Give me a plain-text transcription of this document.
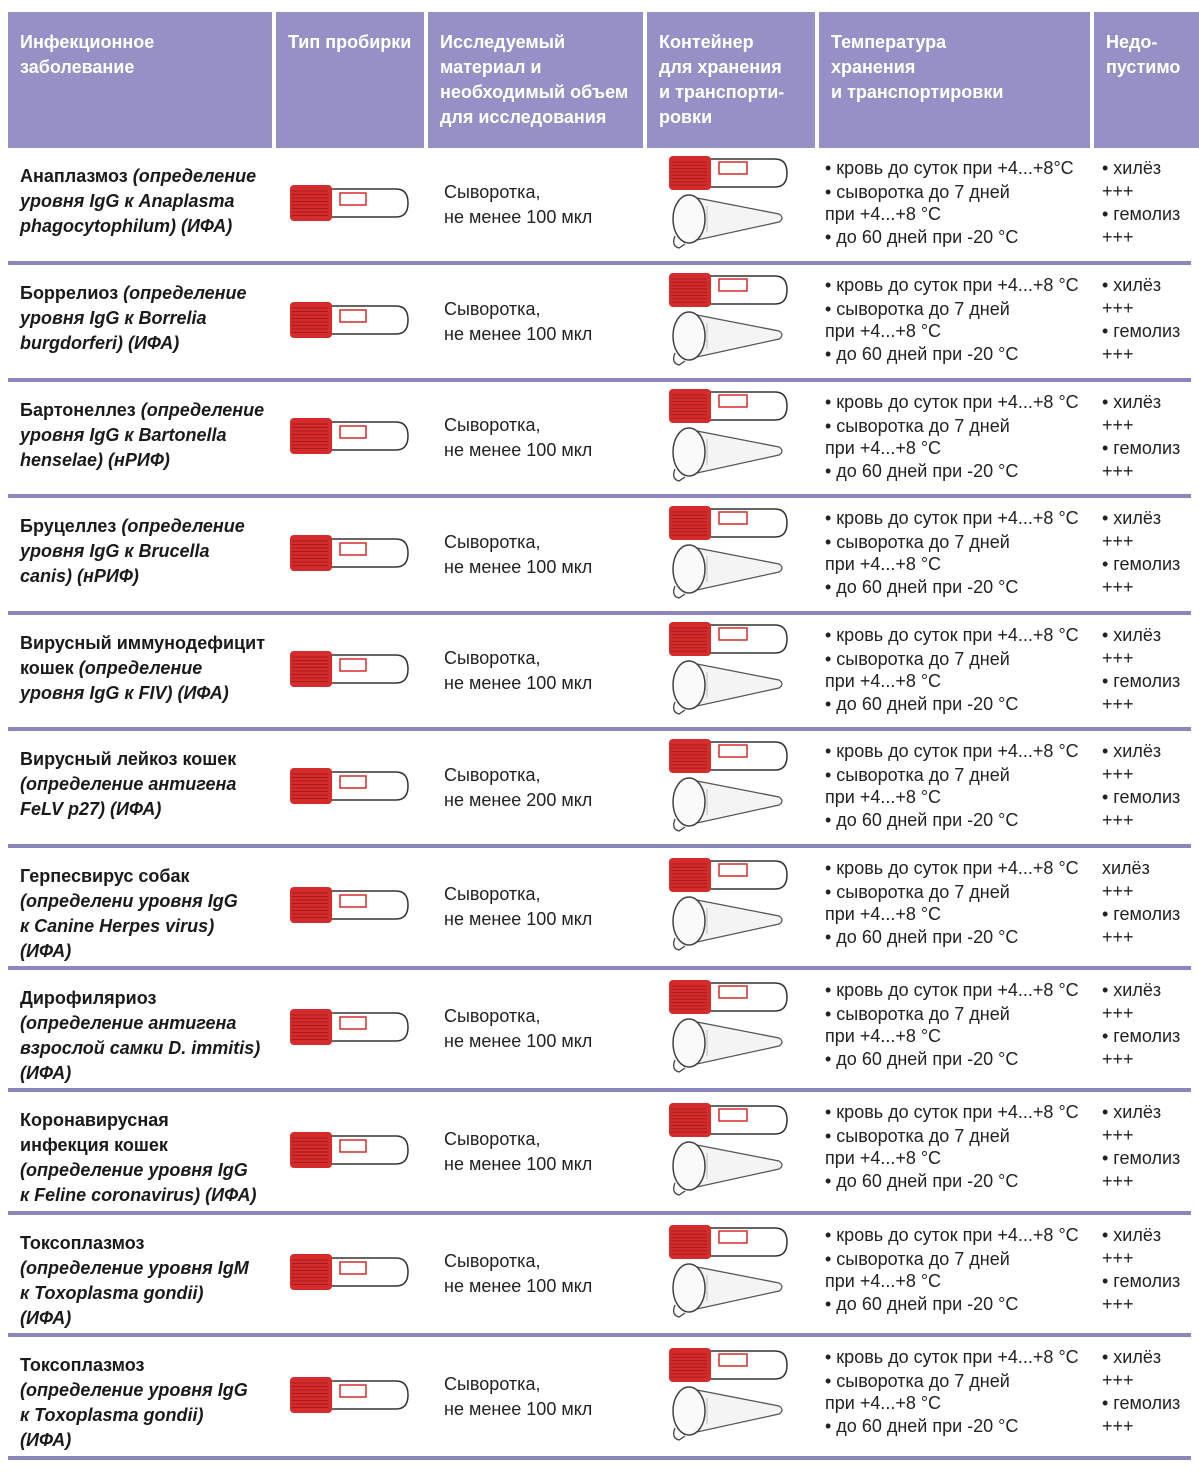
Инфекционное
заболевание
Тип пробирки	Исследуемый
материал и
необходимый объем
для исследования
Контейнер
для хранения
и транспорти-
ровки
Температура
хранения
и транспортировки
Недо-
пустимо
Анаплазмоз (определение
уровня IgG к Anaplasma
phagocytophilum) (ИФА)
Сыворотка,
не менее 100 мкл
• кровь до суток при +4...+8°C
• сыворотка до 7 дней
при +4...+8 °C
• до 60 дней при -20 °C
• хилёз
+++
• гемолиз
+++
Боррелиоз (определение
уровня IgG к Borrelia
burgdorferi) (ИФА)
Сыворотка,
не менее 100 мкл
• кровь до суток при +4...+8 °C
• сыворотка до 7 дней
при +4...+8 °C
• до 60 дней при -20 °C
• хилёз
+++
• гемолиз
+++
Бартонеллез (определение
уровня IgG к Bartonella
henselae) (нРИФ)
Сыворотка,
не менее 100 мкл
• кровь до суток при +4...+8 °C
• сыворотка до 7 дней
при +4...+8 °C
• до 60 дней при -20 °C
• хилёз
+++
• гемолиз
+++
Бруцеллез (определение
уровня IgG к Brucella
canis) (нРИФ)
Сыворотка,
не менее 100 мкл
• кровь до суток при +4...+8 °C
• сыворотка до 7 дней
при +4...+8 °C
• до 60 дней при -20 °C
• хилёз
+++
• гемолиз
+++
Вирусный иммунодефицит
кошек (определение
уровня IgG к FIV) (ИФА)
Сыворотка,
не менее 100 мкл
• кровь до суток при +4...+8 °C
• сыворотка до 7 дней
при +4...+8 °C
• до 60 дней при -20 °C
• хилёз
+++
• гемолиз
+++
Вирусный лейкоз кошек
(определение антигена
FeLV p27) (ИФА)
Сыворотка,
не менее 200 мкл
• кровь до суток при +4...+8 °C
• сыворотка до 7 дней
при +4...+8 °C
• до 60 дней при -20 °C
• хилёз
+++
• гемолиз
+++
Герпесвирус собак
(определени уровня IgG
к Canine Herpes virus)
(ИФА)
Сыворотка,
не менее 100 мкл
• кровь до суток при +4...+8 °C
• сыворотка до 7 дней
при +4...+8 °C
• до 60 дней при -20 °C
хилёз
+++
• гемолиз
+++
Дирофиляриоз
(определение антигена
взрослой самки D. immitis)
(ИФА)
Сыворотка,
не менее 100 мкл
• кровь до суток при +4...+8 °C
• сыворотка до 7 дней
при +4...+8 °C
• до 60 дней при -20 °C
• хилёз
+++
• гемолиз
+++
Коронавирусная
инфекция кошек
(определение уровня IgG
к Feline coronavirus) (ИФА)
Сыворотка,
не менее 100 мкл
• кровь до суток при +4...+8 °C
• сыворотка до 7 дней
при +4...+8 °C
• до 60 дней при -20 °C
• хилёз
+++
• гемолиз
+++
Токсоплазмоз
(определение уровня IgM
к Toxoplasma gondii)
(ИФА)
Сыворотка,
не менее 100 мкл
• кровь до суток при +4...+8 °C
• сыворотка до 7 дней
при +4...+8 °C
• до 60 дней при -20 °C
• хилёз
+++
• гемолиз
+++
Токсоплазмоз
(определение уровня IgG
к Toxoplasma gondii)
(ИФА)
Сыворотка,
не менее 100 мкл
• кровь до суток при +4...+8 °C
• сыворотка до 7 дней
при +4...+8 °C
• до 60 дней при -20 °C
• хилёз
+++
• гемолиз
+++
